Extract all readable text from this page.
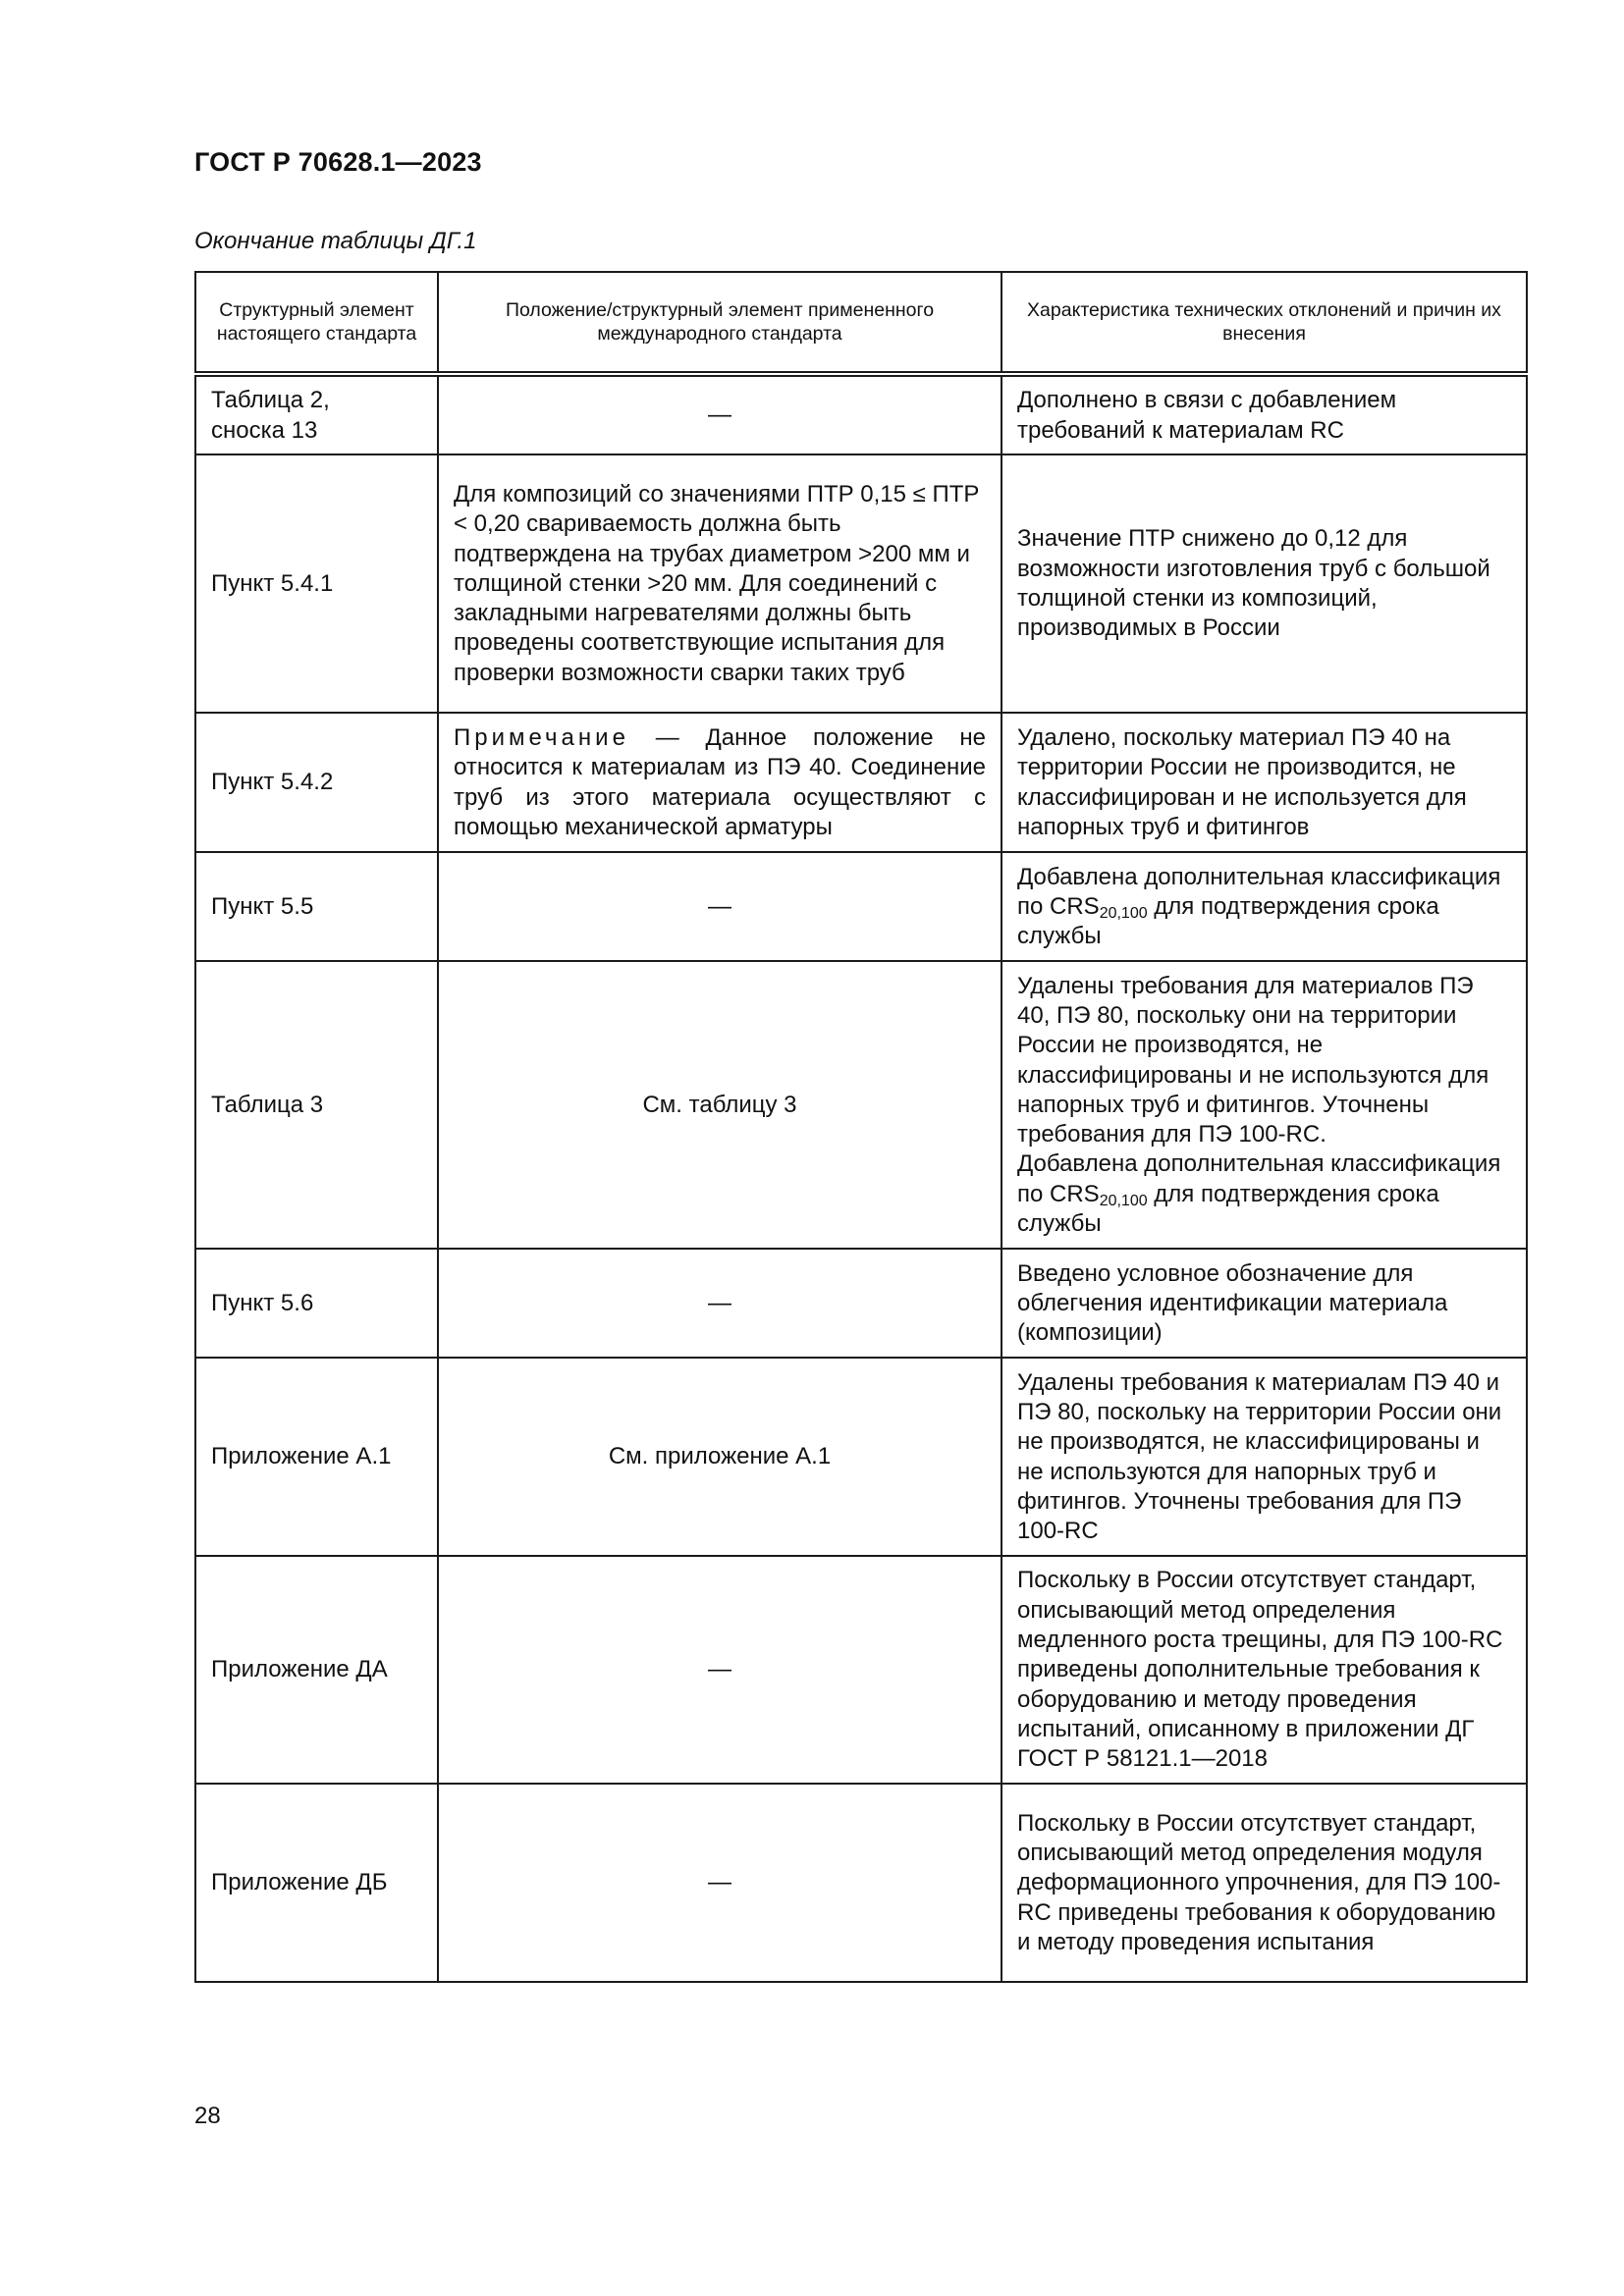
ГОСТ Р 70628.1—2023
Окончание таблицы ДГ.1
Структурный элемент настоящего стандарта	Положение/структурный элемент примененного международного стандарта	Характеристика технических отклонений и причин их внесения

Таблица 2, сноска 13	—	Дополнено в связи с добавлением требований к материалам RC

Пункт 5.4.1	Для композиций со значениями ПТР 0,15 ≤ ПТР < 0,20 свариваемость должна быть подтверждена на трубах диаметром >200 мм и толщиной стенки >20 мм. Для соединений с закладными нагревателями должны быть проведены соответствующие испытания для проверки возможности сварки таких труб	Значение ПТР снижено до 0,12 для возможности изготовления труб с большой толщиной стенки из композиций, производимых в России

Пункт 5.4.2	Примечание — Данное положение не относится к материалам из ПЭ 40. Соединение труб из этого материала осуществляют с помощью механической арматуры	Удалено, поскольку материал ПЭ 40 на территории России не производится, не классифицирован и не используется для напорных труб и фитингов

Пункт 5.5	—	Добавлена дополнительная классификация по $CRS_{20,100}$ для подтверждения срока службы

Таблица 3	См. таблицу 3	Удалены требования для материалов ПЭ 40, ПЭ 80, поскольку они на территории России не производятся, не классифицированы и не используются для напорных труб и фитингов. Уточнены требования для ПЭ 100-RC.
Добавлена дополнительная классификация по $CRS_{20,100}$ для подтверждения срока службы

Пункт 5.6	—	Введено условное обозначение для облегчения идентификации материала (композиции)

Приложение А.1	См. приложение А.1	Удалены требования к материалам ПЭ 40 и ПЭ 80, поскольку на территории России они не производятся, не классифицированы и не используются для напорных труб и фитингов. Уточнены требования для ПЭ 100-RC

Приложение ДА	—	Поскольку в России отсутствует стандарт, описывающий метод определения медленного роста трещины, для ПЭ 100-RC приведены дополнительные требования к оборудованию и методу проведения испытаний, описанному в приложении ДГ ГОСТ Р 58121.1—2018

Приложение ДБ	—	Поскольку в России отсутствует стандарт, описывающий метод определения модуля деформационного упрочнения, для ПЭ 100-RC приведены требования к оборудованию и методу проведения испытания
28
